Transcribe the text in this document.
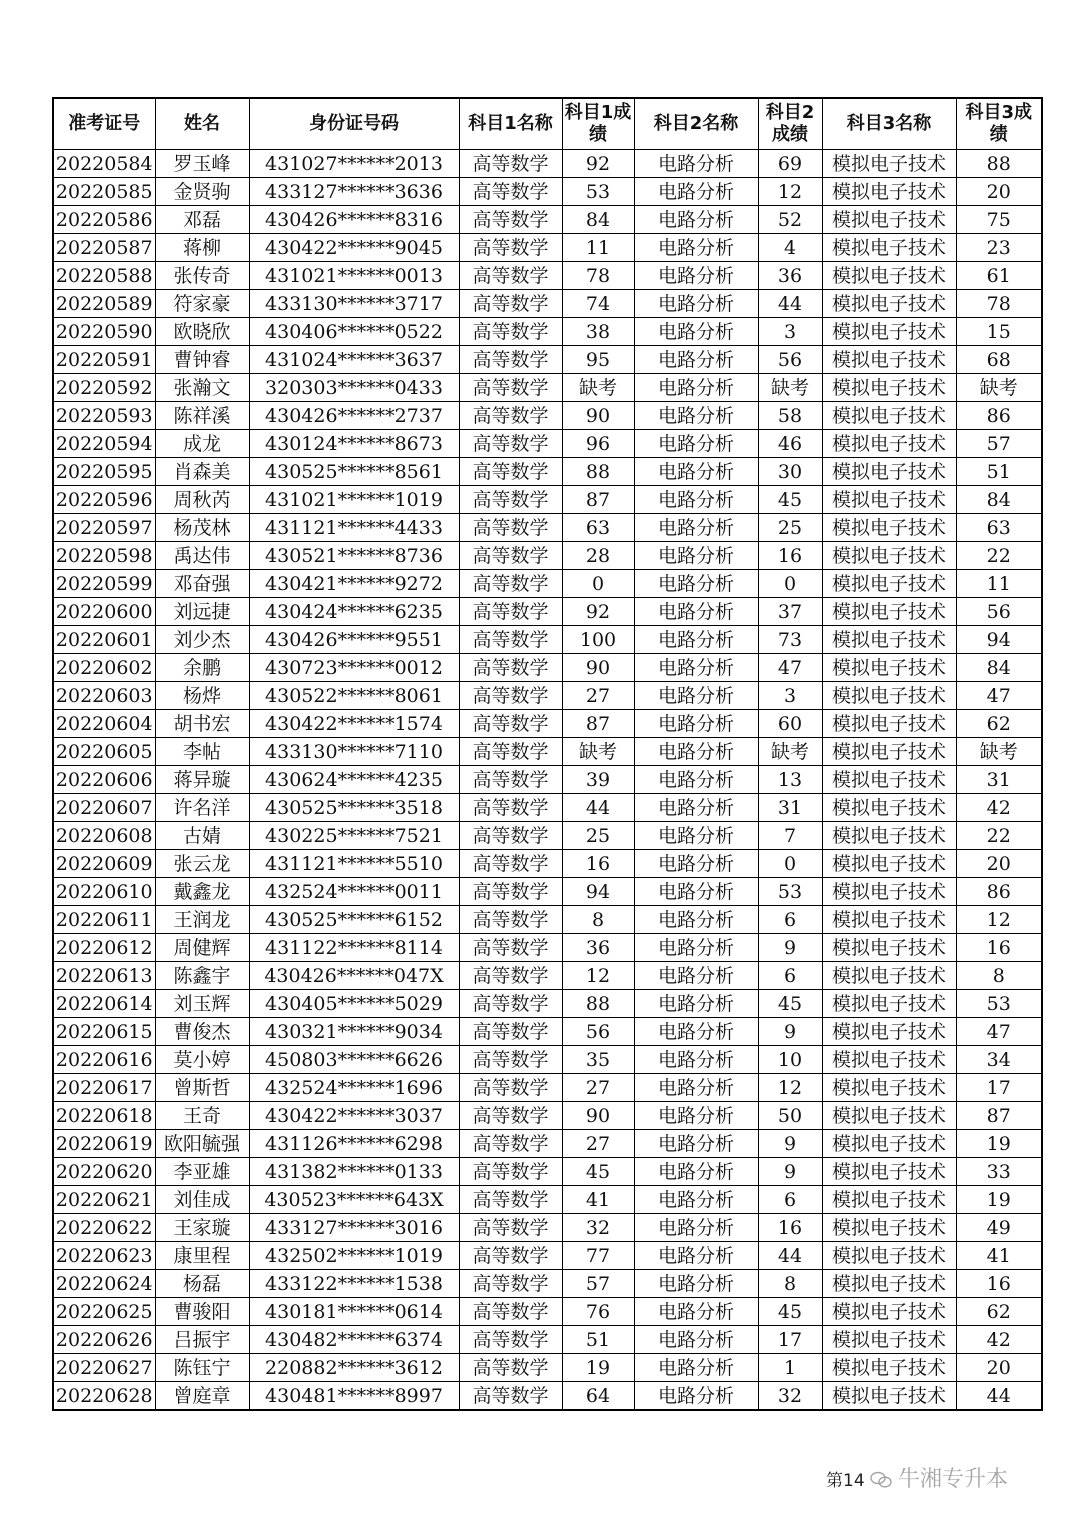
准考证号	姓名	身份证号码	科目1名称	科目1成绩	科目2名称	科目2成绩	科目3名称	科目3成绩
20220584	罗玉峰	431027******2013	高等数学	92	电路分析	69	模拟电子技术	88
20220585	金贤驹	433127******3636	高等数学	53	电路分析	12	模拟电子技术	20
20220586	邓磊	430426******8316	高等数学	84	电路分析	52	模拟电子技术	75
20220587	蒋柳	430422******9045	高等数学	11	电路分析	4	模拟电子技术	23
20220588	张传奇	431021******0013	高等数学	78	电路分析	36	模拟电子技术	61
20220589	符家豪	433130******3717	高等数学	74	电路分析	44	模拟电子技术	78
20220590	欧晓欣	430406******0522	高等数学	38	电路分析	3	模拟电子技术	15
20220591	曹钟睿	431024******3637	高等数学	95	电路分析	56	模拟电子技术	68
20220592	张瀚文	320303******0433	高等数学	缺考	电路分析	缺考	模拟电子技术	缺考
20220593	陈祥溪	430426******2737	高等数学	90	电路分析	58	模拟电子技术	86
20220594	成龙	430124******8673	高等数学	96	电路分析	46	模拟电子技术	57
20220595	肖森美	430525******8561	高等数学	88	电路分析	30	模拟电子技术	51
20220596	周秋芮	431021******1019	高等数学	87	电路分析	45	模拟电子技术	84
20220597	杨茂林	431121******4433	高等数学	63	电路分析	25	模拟电子技术	63
20220598	禹达伟	430521******8736	高等数学	28	电路分析	16	模拟电子技术	22
20220599	邓奋强	430421******9272	高等数学	0	电路分析	0	模拟电子技术	11
20220600	刘远捷	430424******6235	高等数学	92	电路分析	37	模拟电子技术	56
20220601	刘少杰	430426******9551	高等数学	100	电路分析	73	模拟电子技术	94
20220602	余鹏	430723******0012	高等数学	90	电路分析	47	模拟电子技术	84
20220603	杨烨	430522******8061	高等数学	27	电路分析	3	模拟电子技术	47
20220604	胡书宏	430422******1574	高等数学	87	电路分析	60	模拟电子技术	62
20220605	李帖	433130******7110	高等数学	缺考	电路分析	缺考	模拟电子技术	缺考
20220606	蒋异璇	430624******4235	高等数学	39	电路分析	13	模拟电子技术	31
20220607	许名洋	430525******3518	高等数学	44	电路分析	31	模拟电子技术	42
20220608	古婧	430225******7521	高等数学	25	电路分析	7	模拟电子技术	22
20220609	张云龙	431121******5510	高等数学	16	电路分析	0	模拟电子技术	20
20220610	戴鑫龙	432524******0011	高等数学	94	电路分析	53	模拟电子技术	86
20220611	王润龙	430525******6152	高等数学	8	电路分析	6	模拟电子技术	12
20220612	周健辉	431122******8114	高等数学	36	电路分析	9	模拟电子技术	16
20220613	陈鑫宇	430426******047X	高等数学	12	电路分析	6	模拟电子技术	8
20220614	刘玉辉	430405******5029	高等数学	88	电路分析	45	模拟电子技术	53
20220615	曹俊杰	430321******9034	高等数学	56	电路分析	9	模拟电子技术	47
20220616	莫小婷	450803******6626	高等数学	35	电路分析	10	模拟电子技术	34
20220617	曾斯哲	432524******1696	高等数学	27	电路分析	12	模拟电子技术	17
20220618	王奇	430422******3037	高等数学	90	电路分析	50	模拟电子技术	87
20220619	欧阳毓强	431126******6298	高等数学	27	电路分析	9	模拟电子技术	19
20220620	李亚雄	431382******0133	高等数学	45	电路分析	9	模拟电子技术	33
20220621	刘佳成	430523******643X	高等数学	41	电路分析	6	模拟电子技术	19
20220622	王家璇	433127******3016	高等数学	32	电路分析	16	模拟电子技术	49
20220623	康里程	432502******1019	高等数学	77	电路分析	44	模拟电子技术	41
20220624	杨磊	433122******1538	高等数学	57	电路分析	8	模拟电子技术	16
20220625	曹骏阳	430181******0614	高等数学	76	电路分析	45	模拟电子技术	62
20220626	吕振宇	430482******6374	高等数学	51	电路分析	17	模拟电子技术	42
20220627	陈钰宁	220882******3612	高等数学	19	电路分析	1	模拟电子技术	20
20220628	曾庭章	430481******8997	高等数学	64	电路分析	32	模拟电子技术	44
第14	牛湘专升本
